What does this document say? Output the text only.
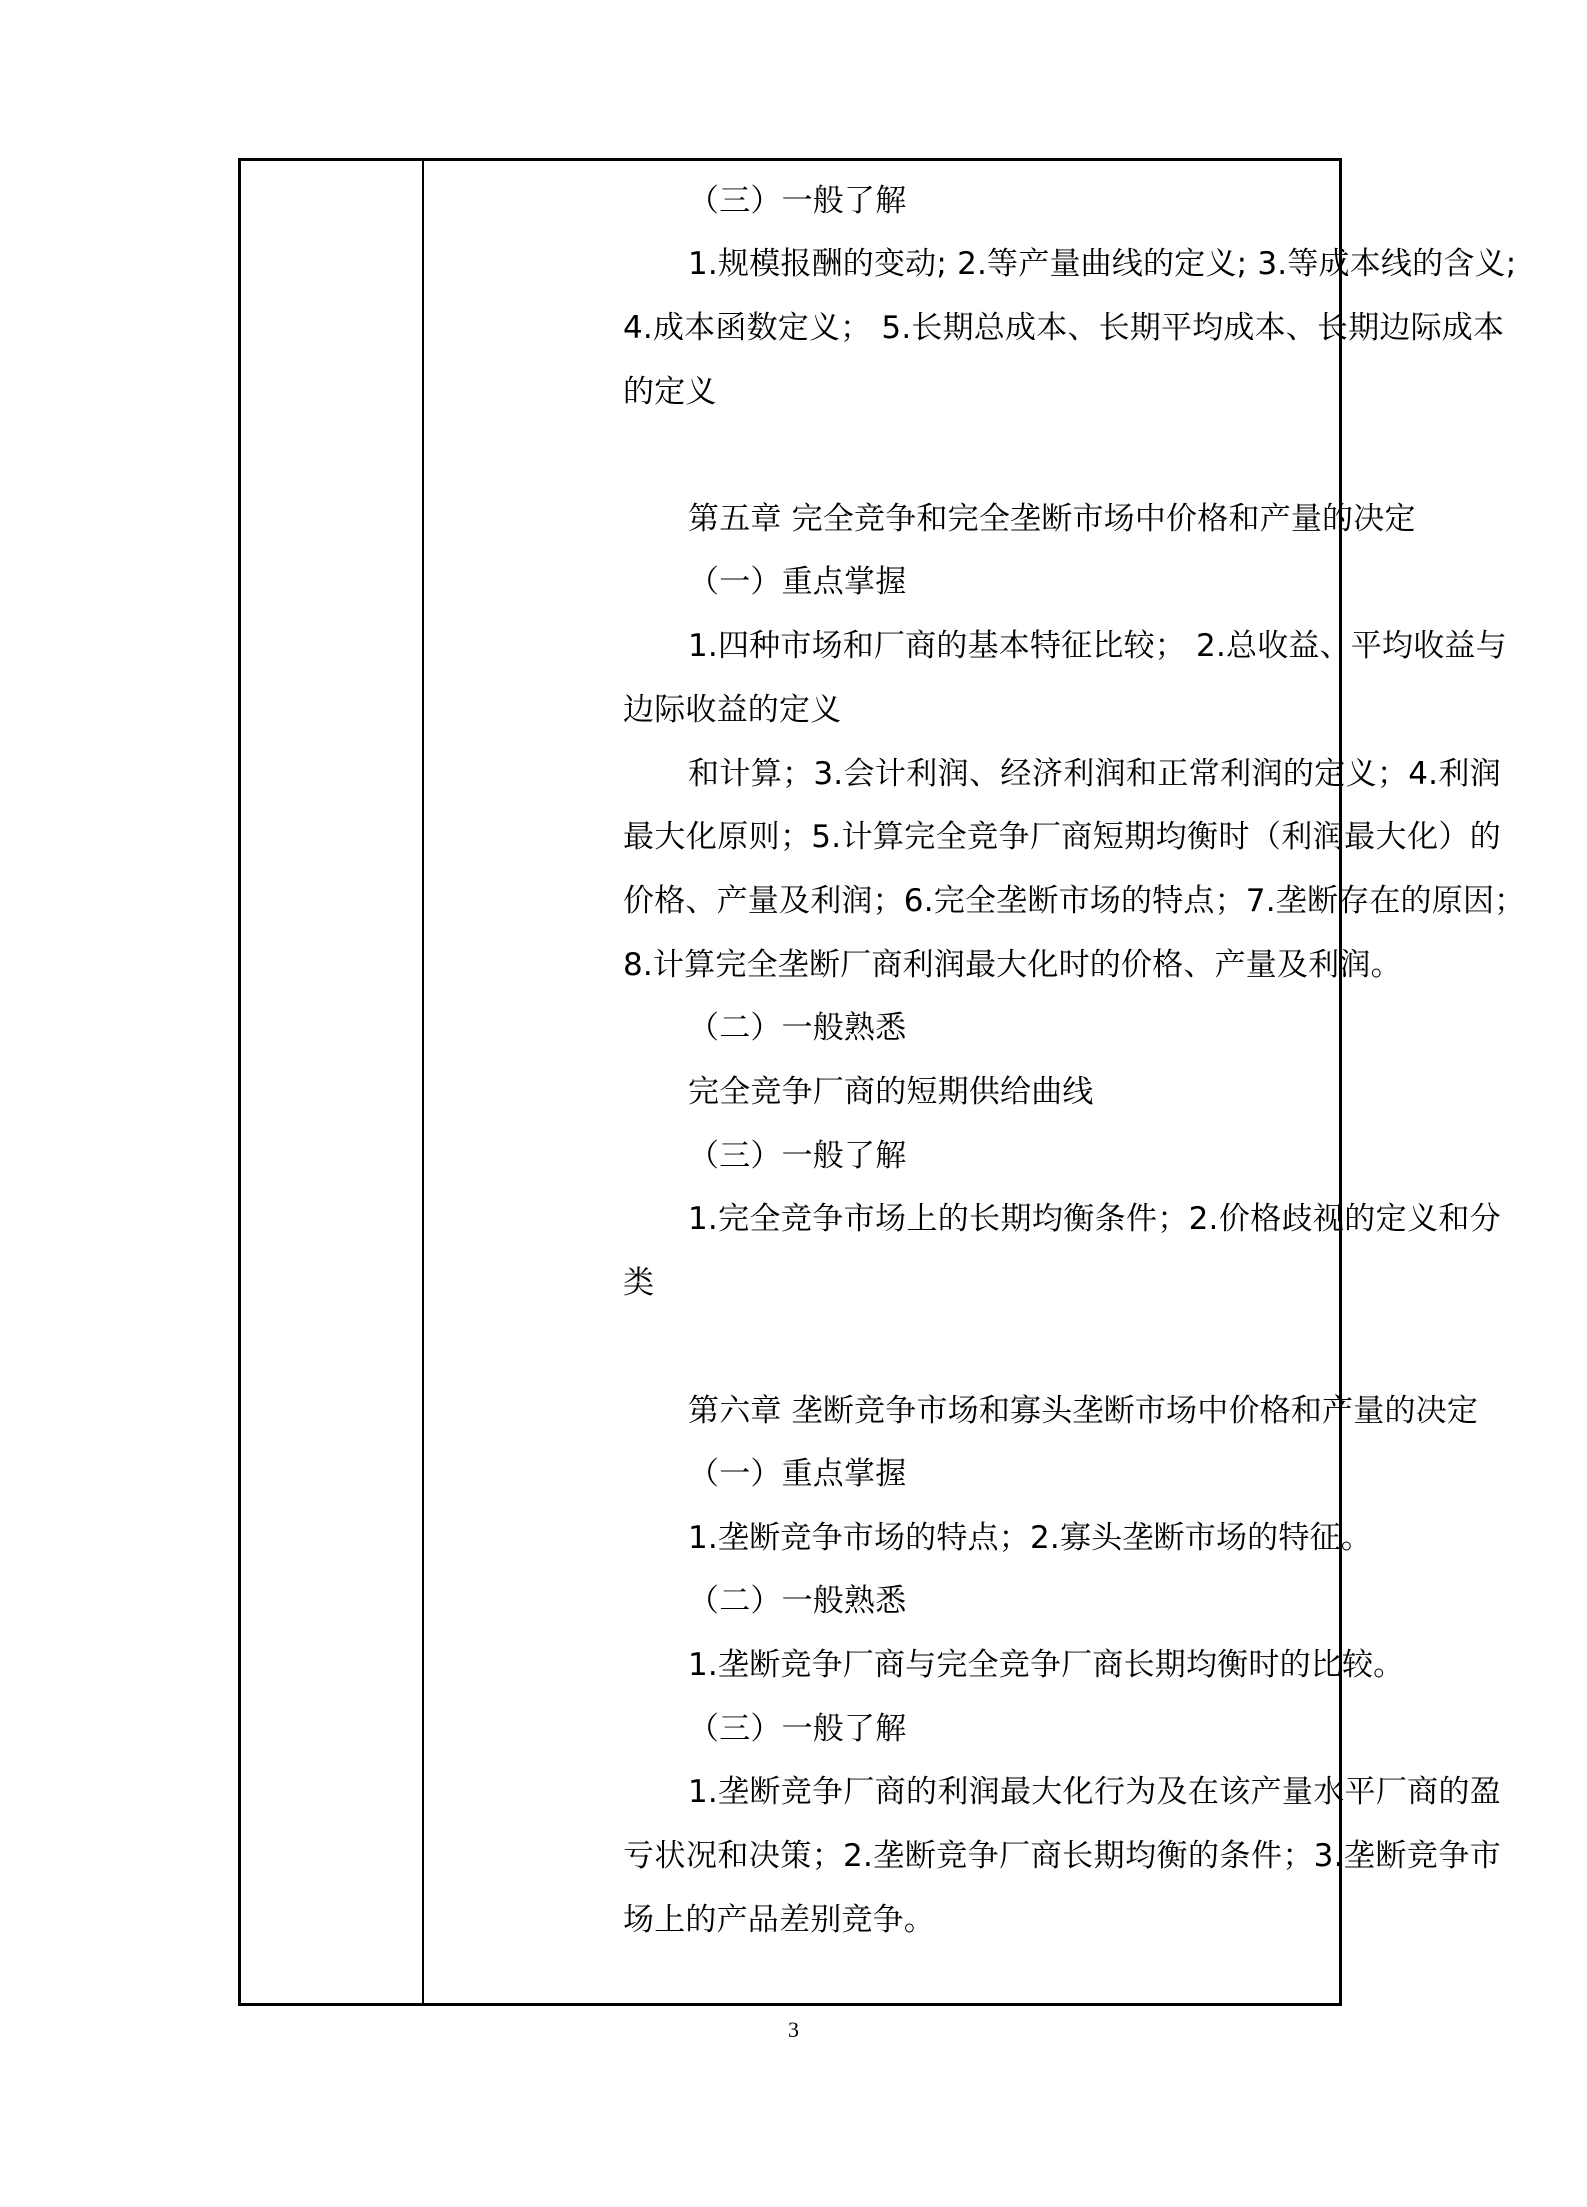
（三）一般了解
1.规模报酬的变动; 2.等产量曲线的定义; 3.等成本线的含义;
4.成本函数定义； 5.长期总成本、长期平均成本、长期边际成本
的定义
第五章 完全竞争和完全垄断市场中价格和产量的决定
（一）重点掌握
1.四种市场和厂商的基本特征比较； 2.总收益、平均收益与
边际收益的定义
和计算；3.会计利润、经济利润和正常利润的定义；4.利润
最大化原则；5.计算完全竞争厂商短期均衡时（利润最大化）的
价格、产量及利润；6.完全垄断市场的特点；7.垄断存在的原因；
8.计算完全垄断厂商利润最大化时的价格、产量及利润。
（二）一般熟悉
完全竞争厂商的短期供给曲线
（三）一般了解
1.完全竞争市场上的长期均衡条件；2.价格歧视的定义和分
类
第六章 垄断竞争市场和寡头垄断市场中价格和产量的决定
（一）重点掌握
1.垄断竞争市场的特点；2.寡头垄断市场的特征。
（二）一般熟悉
1.垄断竞争厂商与完全竞争厂商长期均衡时的比较。
（三）一般了解
1.垄断竞争厂商的利润最大化行为及在该产量水平厂商的盈
亏状况和决策；2.垄断竞争厂商长期均衡的条件；3.垄断竞争市
场上的产品差别竞争。
3
